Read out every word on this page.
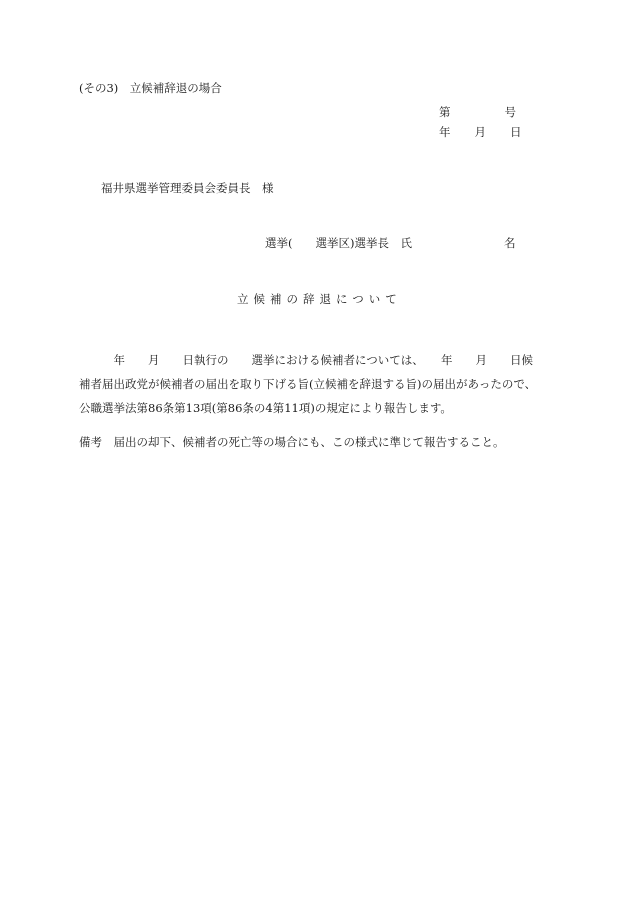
(その3)　立候補辞退の場合
第　　　　　	号
年 月 日
福井県選挙管理委員会委員長　様
選挙(　　選挙区)選挙長　氏	名
立候補の辞退について
　　　年　　月　　日執行の　　選挙における候補者については、　　年　　月　　日候
補者届出政党が候補者の届出を取り下げる旨(立候補を辞退する旨)の届出があったので、
公職選挙法第86条第13項(第86条の4第11項)の規定により報告します。
備考　届出の却下、候補者の死亡等の場合にも、この様式に準じて報告すること。
